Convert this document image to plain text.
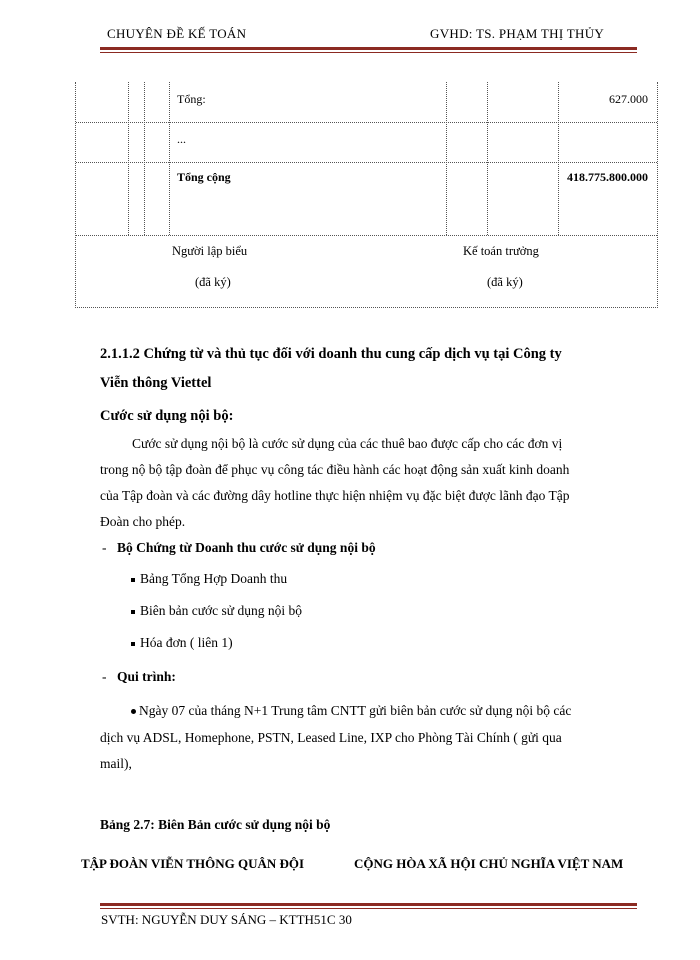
CHUYÊN ĐỀ KẾ TOÁN	GVHD: TS. PHẠM THỊ THỦY
Tổng:	627.000
...
Tổng cộng	418.775.800.000
Người lập biểu
(đã ký)
Kế toán trưởng
(đã ký)
2.1.1.2 Chứng từ và thủ tục đối với doanh thu cung cấp dịch vụ tại Công ty
Viễn thông Viettel
Cước sử dụng nội bộ:
Cước sử dụng nội bộ là cước sử dụng của các thuê bao được cấp cho các đơn vị
trong nộ bộ tập đoàn để phục vụ công tác điều hành các hoạt động sản xuất kinh doanh
của Tập đoàn và các đường dây hotline thực hiện nhiệm vụ đặc biệt được lãnh đạo Tập
Đoàn cho phép.
- Bộ Chứng từ Doanh thu cước sử dụng nội bộ
Bảng Tổng Hợp Doanh thu
Biên bản cước sử dụng nội bộ
Hóa đơn ( liên 1)
- Qui trình:
Ngày 07 của tháng N+1 Trung tâm CNTT gửi biên bản cước sử dụng nội bộ các
dịch vụ ADSL, Homephone, PSTN, Leased Line, IXP cho Phòng Tài Chính ( gửi qua
mail),
Bảng 2.7: Biên Bản cước sử dụng nội bộ
TẬP ĐOÀN VIỄN THÔNG QUÂN ĐỘI	CỘNG HÒA XÃ HỘI CHỦ NGHĨA VIỆT NAM
SVTH: NGUYỄN DUY SÁNG – KTTH51C 30
